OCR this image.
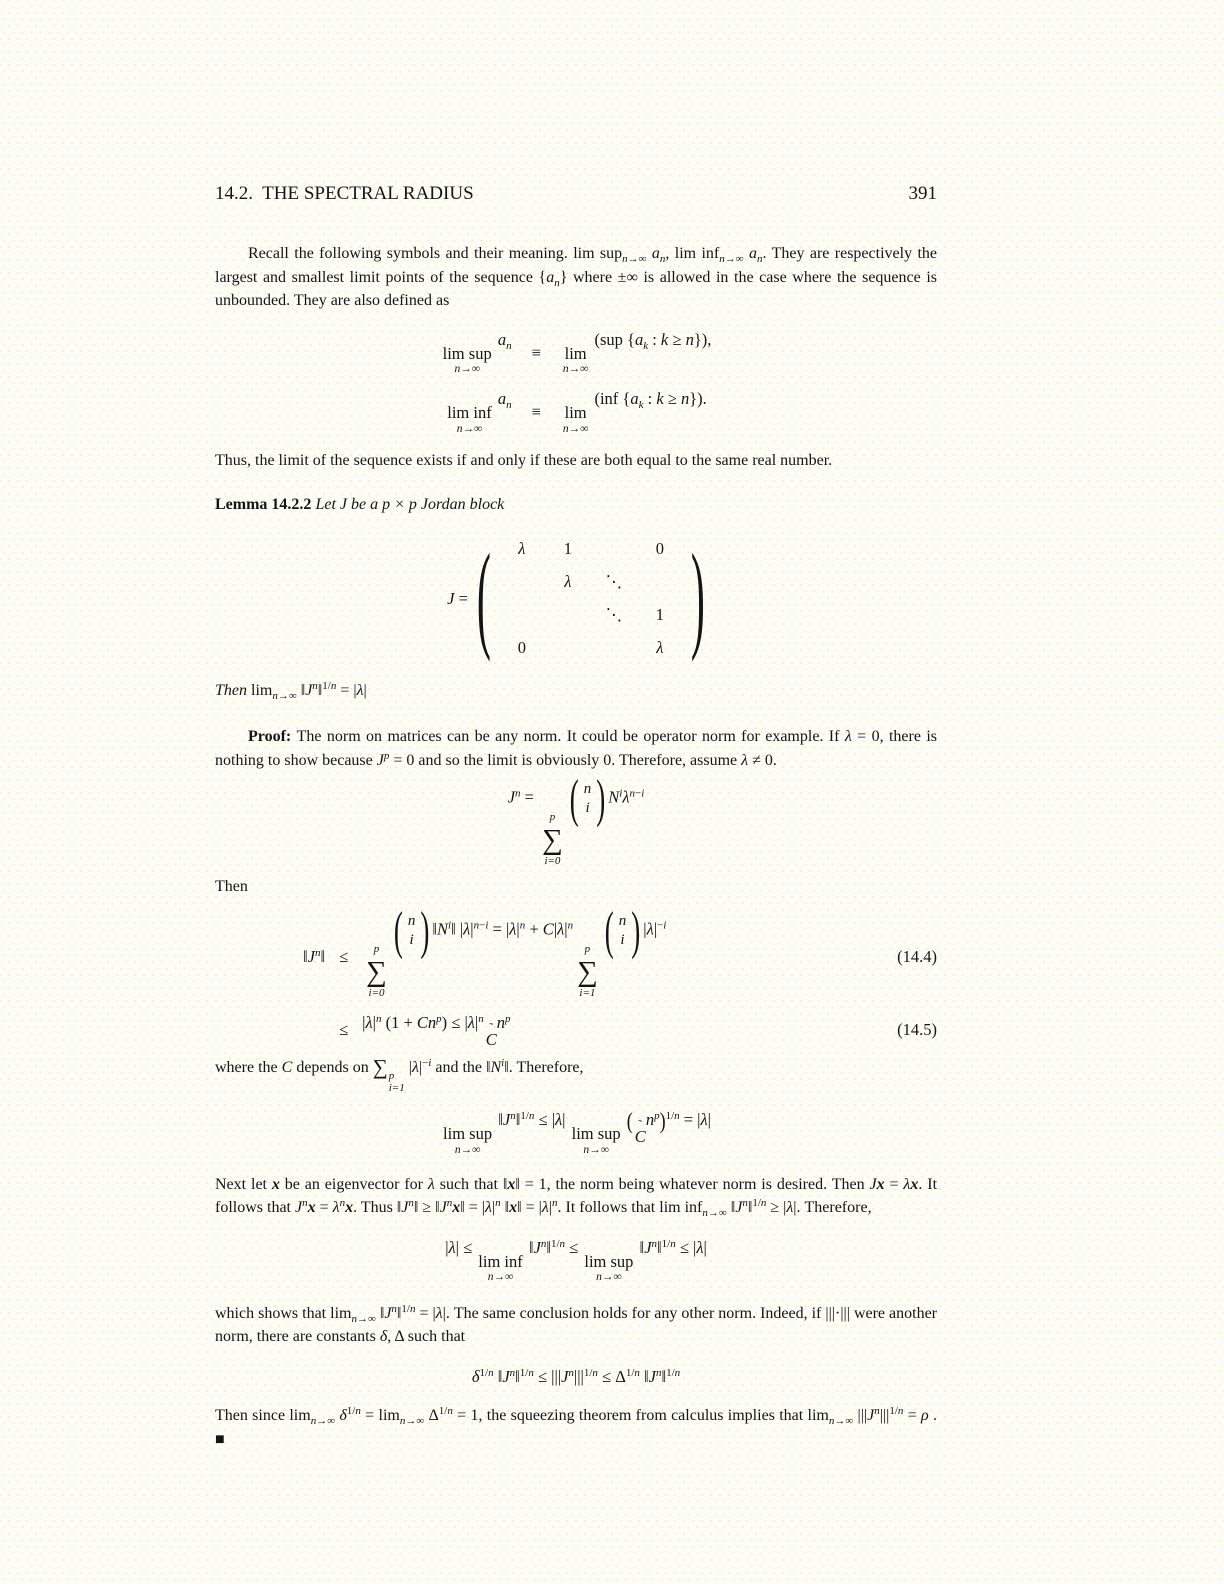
14.2.  THE SPECTRAL RADIUS	391

Recall the following symbols and their meaning. lim sup$_{n\to\infty}$ $a_n$, lim inf$_{n\to\infty}$ $a_n$. They are respectively the largest and smallest limit points of the sequence $\{a_n\}$ where ±∞ is allowed in the case where the sequence is unbounded. They are also defined as

lim sup
n→∞
$a_n \equiv \lim$
n→∞
(sup {$a_k$ : k ≥ n}),
lim inf
n→∞
$a_n \equiv \lim$
n→∞
(inf {$a_k$ : k ≥ n}).

Thus, the limit of the sequence exists if and only if these are both equal to the same real number.

Lemma 14.2.2 Let J be a p × p Jordan block

J = ( λ 1	0
λ ⋱
⋱ 1
0	λ )

Then $\lim_{n\to\infty}$ $‖J^n‖^{1/n} = |\lambda|$

Proof: The norm on matrices can be any norm. It could be operator norm for example. If λ = 0, there is nothing to show because $J^p = 0$ and so the limit is obviously 0. Therefore, assume λ ≠ 0.

$J^n$ =
p
∑
i=0
( n
i ) $N^i\lambda^{n-i}$

Then

$‖J^n‖ \le p$
∑
i=0
( n
i ) $‖N^i‖$ $|\lambda|^{n-i} = |\lambda|^n + C|\lambda|^n$
p
∑
i=1
( n
i ) $|\lambda|^{-i}$
(14.4)
≤ $|\lambda|^n$ $(1 + Cn^p) \le |\lambda|^n$
˜
C
$n^p$
(14.5)

where the C depends on ∑ p
i=1
$|\lambda|^{-i}$ and the $‖N^i‖$. Therefore,

lim sup
n→∞
$‖J^n‖^{1/n} \le |\lambda|$
lim sup
n→∞
( ˜
C
$n^p)^{1/n} = |\lambda|$

Next let x be an eigenvector for λ such that ‖x‖ = 1, the norm being whatever norm is desired. Then Jx = λx. It follows that $J^nx = \lambda^nx$. Thus $‖J^n‖$ ≥ $‖J^nx‖ = |\lambda|^n$ ‖x‖ = $|\lambda|^n$. It follows that lim inf$_{n\to\infty}$ $‖J^n‖^{1/n} \ge |\lambda|$. Therefore,

|λ| ≤
lim inf
n→∞
$‖J^n‖^{1/n}$ ≤
lim sup
n→∞
$‖J^n‖^{1/n} \le |\lambda|$

which shows that $\lim_{n\to\infty}$ $‖J^n‖^{1/n} = |\lambda|$. The same conclusion holds for any other norm. Indeed, if |||·||| were another norm, there are constants δ, Δ such that

$\delta^{1/n}$ $‖J^n‖^{1/n} \le |||J^n|||^{1/n} \le \Delta^{1/n}$ $‖J^n‖^{1/n}$

Then since $\lim_{n\to\infty} \delta^{1/n} = \lim_{n\to\infty} \Delta^{1/n} = 1$, the squeezing theorem from calculus implies that $\lim_{n\to\infty} |||J^n|||^{1/n} = \rho$ . ■
